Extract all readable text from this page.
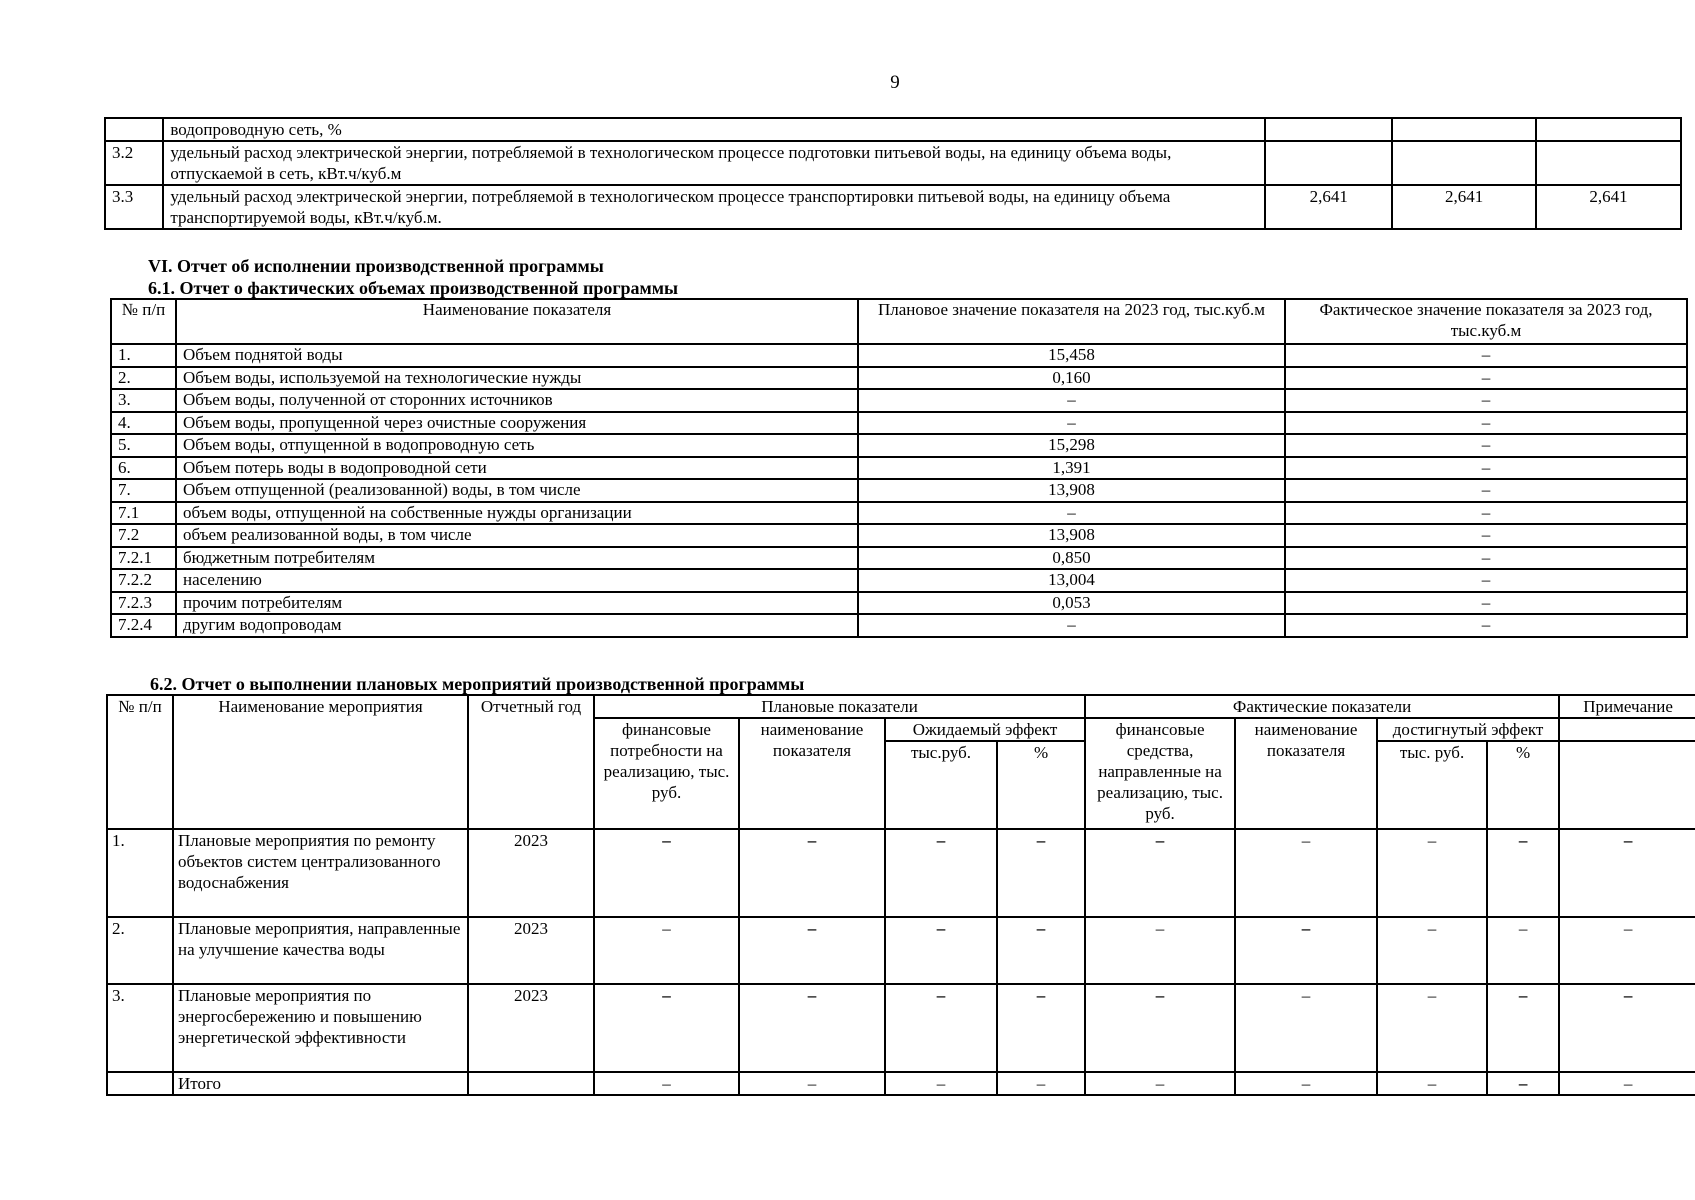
9
	водопроводную сеть, %			
3.2	удельный расход электрической энергии, потребляемой в технологическом процессе подготовки питьевой воды, на единицу объема воды, отпускаемой в сеть, кВт.ч/куб.м			
3.3	удельный расход электрической энергии, потребляемой в технологическом процессе транспортировки питьевой воды, на единицу объема транспортируемой воды, кВт.ч/куб.м.	2,641	2,641	2,641
VI. Отчет об исполнении производственной программы
6.1. Отчет о фактических объемах производственной программы
№ п/п	Наименование показателя	Плановое значение показателя на 2023 год, тыс.куб.м	Фактическое значение показателя за 2023 год, тыс.куб.м
1.	Объем поднятой воды	15,458	–
2.	Объем воды, используемой на технологические нужды	0,160	–
3.	Объем воды, полученной от сторонних источников	–	–
4.	Объем воды, пропущенной через очистные сооружения	–	–
5.	Объем воды, отпущенной в водопроводную сеть	15,298	–
6.	Объем потерь воды в водопроводной сети	1,391	–
7.	Объем отпущенной (реализованной) воды, в том числе	13,908	–
7.1	объем воды, отпущенной на собственные нужды организации	–	–
7.2	объем реализованной воды, в том числе	13,908	–
7.2.1	бюджетным потребителям	0,850	–
7.2.2	населению	13,004	–
7.2.3	прочим потребителям	0,053	–
7.2.4	другим водопроводам	–	–
6.2. Отчет о выполнении плановых мероприятий производственной программы
№ п/п	Наименование мероприятия	Отчетный год	Плановые показатели				Фактические показатели				Примечание
			финансовые потребности на реализацию, тыс. руб.	наименование показателя	Ожидаемый эффект		финансовые средства, направленные на реализацию, тыс. руб.	наименование показателя	достигнутый эффект		
					тыс.руб.	%			тыс. руб.	%	
1.	Плановые мероприятия по ремонту объектов систем централизованного водоснабжения	2023	–	–	–	–	–	–	–	–	–
2.	Плановые мероприятия, направленные на улучшение качества воды	2023	–	–	–	–	–	–	–	–	–
3.	Плановые мероприятия по энергосбережению и повышению энергетической эффективности	2023	–	–	–	–	–	–	–	–	–
	Итого		–	–	–	–	–	–	–	–	–
